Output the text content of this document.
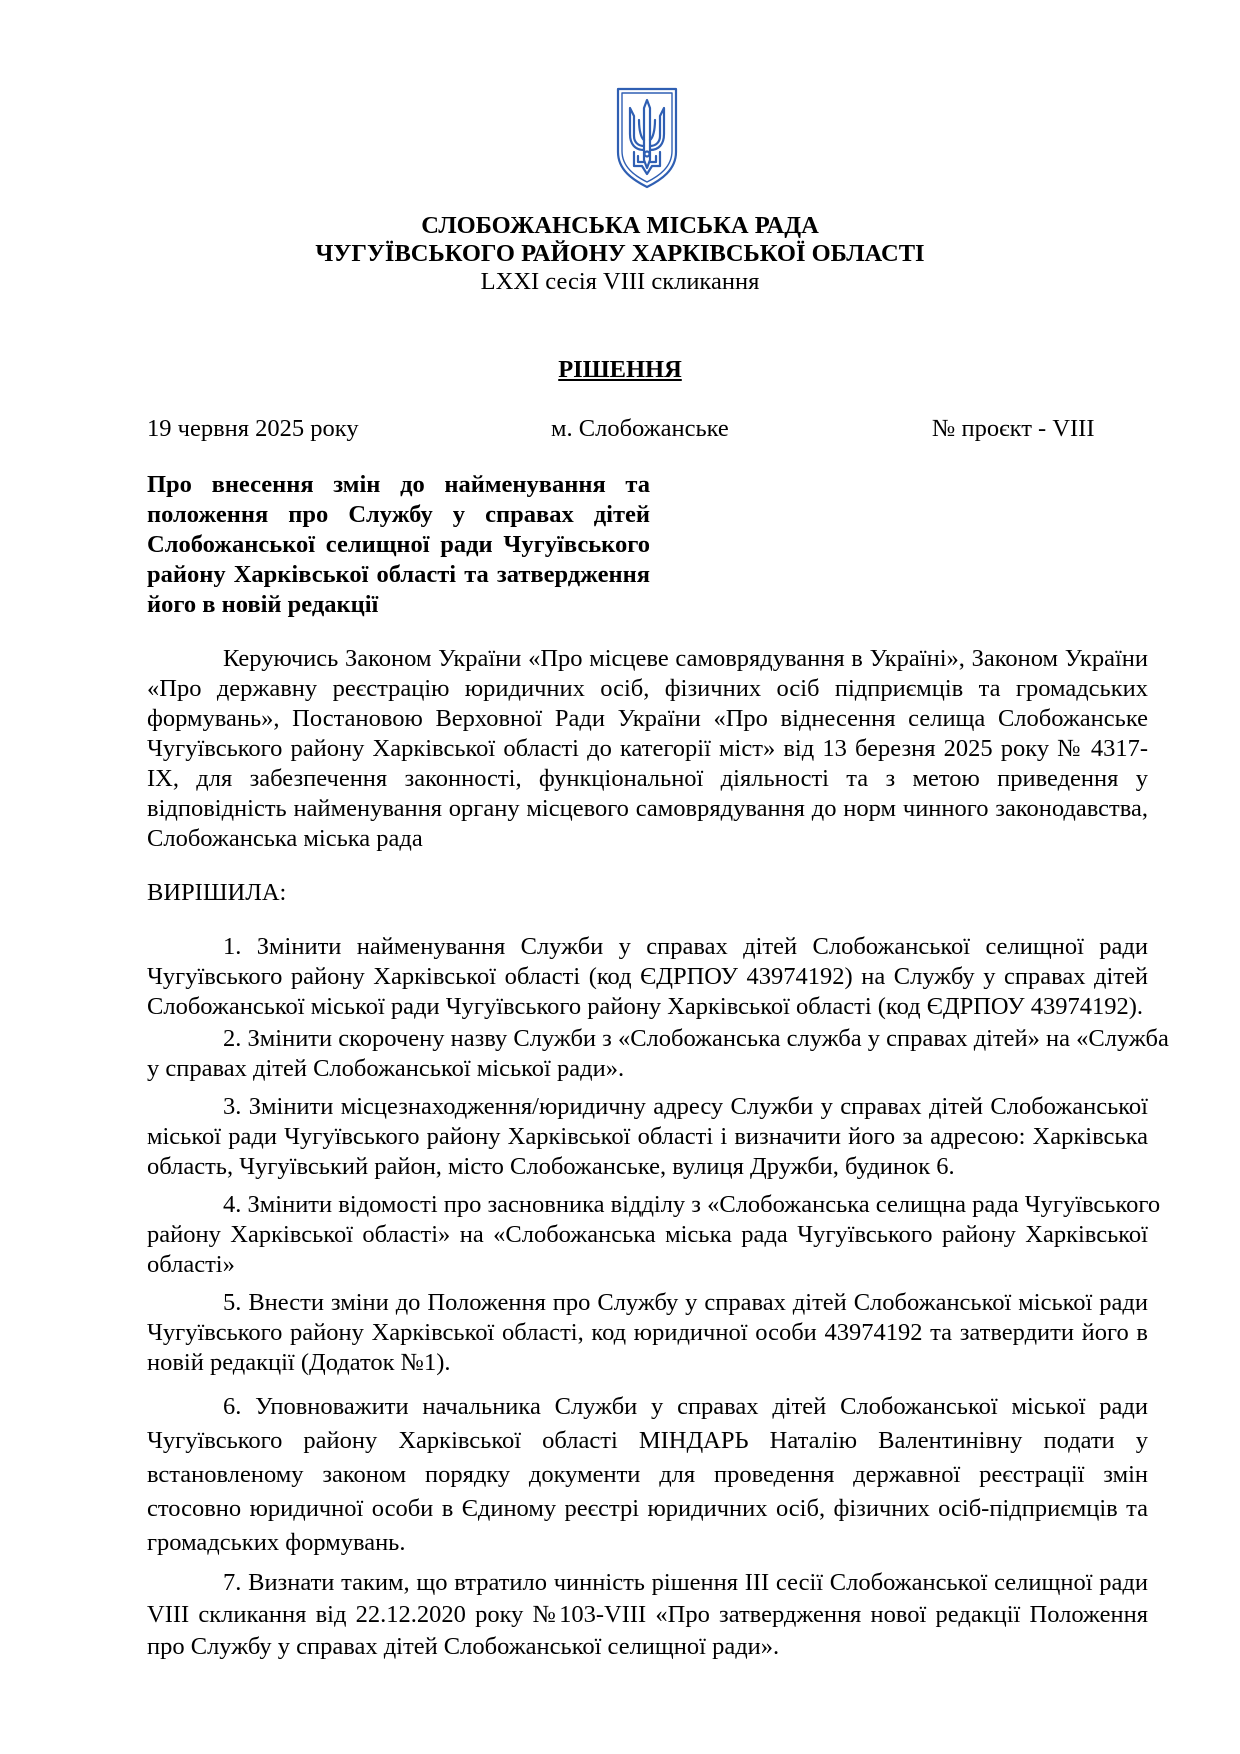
СЛОБОЖАНСЬКА МІСЬКА РАДА
ЧУГУЇВСЬКОГО РАЙОНУ ХАРКІВСЬКОЇ ОБЛАСТІ
LXXI сесія VIII скликання
РІШЕННЯ
19 червня 2025 року	м. Слобожанське	№ проєкт - VIII
Про внесення змін до найменування та
положення про Службу у справах дітей
Слобожанської селищної ради Чугуївського
району Харківської області та затвердження
його в новій редакції
Керуючись Законом України «Про місцеве самоврядування в Україні», Законом України
«Про державну реєстрацію юридичних осіб, фізичних осіб підприємців та громадських
формувань», Постановою Верховної Ради України «Про віднесення селища Слобожанське
Чугуївського району Харківської області до категорії міст» від 13 березня 2025 року № 4317-
IX, для забезпечення законності, функціональної діяльності та з метою приведення у
відповідність найменування органу місцевого самоврядування до норм чинного законодавства,
Слобожанська міська рада
ВИРІШИЛА:
1. Змінити найменування Служби у справах дітей Слобожанської селищної ради
Чугуївського району Харківської області (код ЄДРПОУ 43974192) на Службу у справах дітей
Слобожанської міської ради Чугуївського району Харківської області (код ЄДРПОУ 43974192).
2. Змінити скорочену назву Служби з «Слобожанська служба у справах дітей» на «Служба
у справах дітей Слобожанської міської ради».
3. Змінити місцезнаходження/юридичну адресу Служби у справах дітей Слобожанської
міської ради Чугуївського району Харківської області і визначити його за адресою: Харківська
область, Чугуївський район, місто Слобожанське, вулиця Дружби, будинок 6.
4. Змінити відомості про засновника відділу з «Слобожанська селищна рада Чугуївського
району Харківської області» на «Слобожанська міська рада Чугуївського району Харківської
області»
5. Внести зміни до Положення про Службу у справах дітей Слобожанської міської ради
Чугуївського району Харківської області, код юридичної особи 43974192 та затвердити його в
новій редакції (Додаток №1).
6. Уповноважити начальника Служби у справах дітей Слобожанської міської ради
Чугуївського району Харківської області МІНДАРЬ Наталію Валентинівну подати у
встановленому законом порядку документи для проведення державної реєстрації змін
стосовно юридичної особи в Єдиному реєстрі юридичних осіб, фізичних осіб-підприємців та
громадських формувань.
7. Визнати таким, що втратило чинність рішення ІІІ сесії Слобожанської селищної ради
VIII скликання від 22.12.2020 року №103-VIII «Про затвердження нової редакції Положення
про Службу у справах дітей Слобожанської селищної ради».
